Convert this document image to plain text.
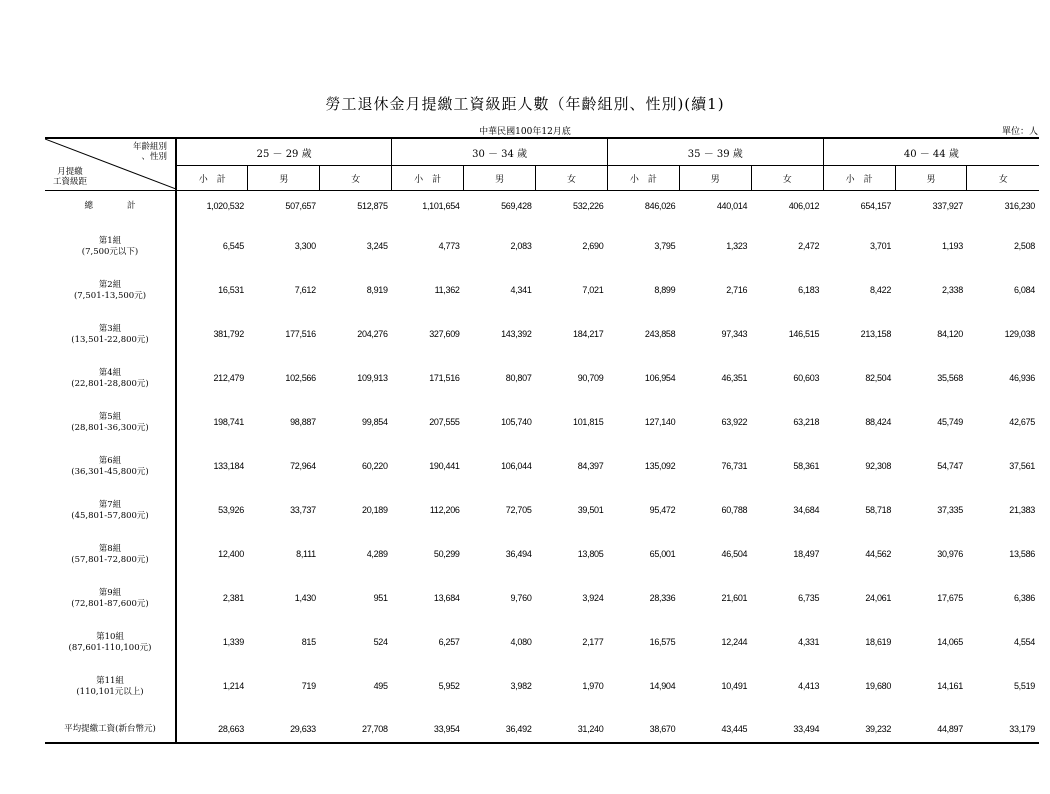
勞工退休金月提繳工資級距人數（年齡組別、性別)(續1)
中華民國100年12月底	單位：人
年齡組別
、性別
月提繳
工資級距	25 － 29 歲			30 － 34 歲			35 － 39 歲			40 － 44 歲		
	小　計	男	女	小　計	男	女	小　計	男	女	小　計	男	女

總　　　　計	1,020,532	507,657	512,875	1,101,654	569,428	532,226	846,026	440,014	406,012	654,157	337,927	316,230

第1組
(7,500元以下)	6,545	3,300	3,245	4,773	2,083	2,690	3,795	1,323	2,472	3,701	1,193	2,508

第2組
(7,501-13,500元)	16,531	7,612	8,919	11,362	4,341	7,021	8,899	2,716	6,183	8,422	2,338	6,084

第3組
(13,501-22,800元)	381,792	177,516	204,276	327,609	143,392	184,217	243,858	97,343	146,515	213,158	84,120	129,038

第4組
(22,801-28,800元)	212,479	102,566	109,913	171,516	80,807	90,709	106,954	46,351	60,603	82,504	35,568	46,936

第5組
(28,801-36,300元)	198,741	98,887	99,854	207,555	105,740	101,815	127,140	63,922	63,218	88,424	45,749	42,675

第6組
(36,301-45,800元)	133,184	72,964	60,220	190,441	106,044	84,397	135,092	76,731	58,361	92,308	54,747	37,561

第7組
(45,801-57,800元)	53,926	33,737	20,189	112,206	72,705	39,501	95,472	60,788	34,684	58,718	37,335	21,383

第8組
(57,801-72,800元)	12,400	8,111	4,289	50,299	36,494	13,805	65,001	46,504	18,497	44,562	30,976	13,586

第9組
(72,801-87,600元)	2,381	1,430	951	13,684	9,760	3,924	28,336	21,601	6,735	24,061	17,675	6,386

第10組
(87,601-110,100元)	1,339	815	524	6,257	4,080	2,177	16,575	12,244	4,331	18,619	14,065	4,554

第11組
(110,101元以上)	1,214	719	495	5,952	3,982	1,970	14,904	10,491	4,413	19,680	14,161	5,519

平均提繳工資(新台幣元)	28,663	29,633	27,708	33,954	36,492	31,240	38,670	43,445	33,494	39,232	44,897	33,179
